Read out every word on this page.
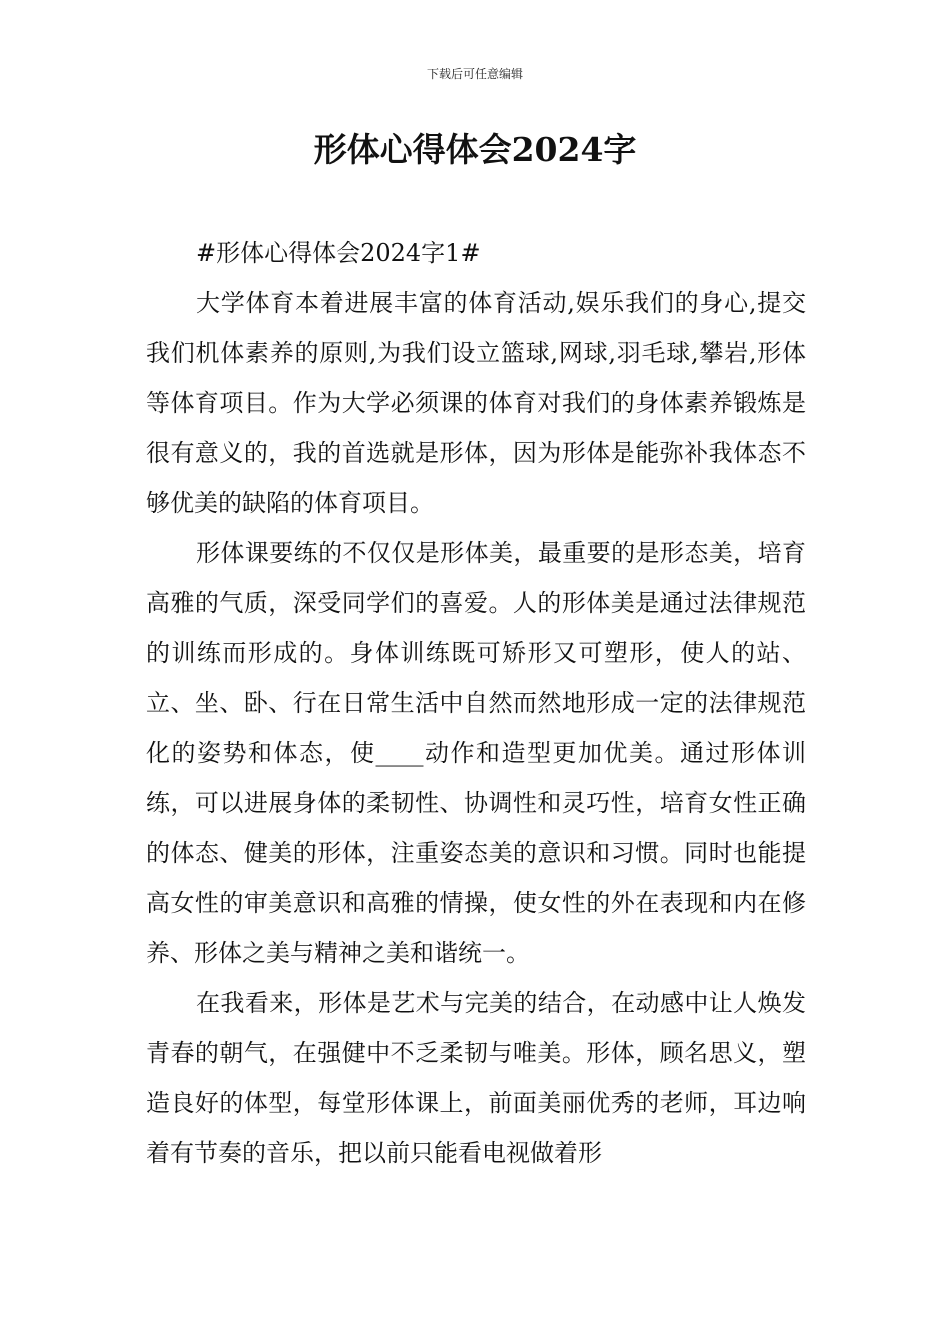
下载后可任意编辑
形体心得体会2024字

#形体心得体会2024字1#

大学体育本着进展丰富的体育活动,娱乐我们的身心,提交我们机体素养的原则,为我们设立篮球,网球,羽毛球,攀岩,形体等体育项目。作为大学必须课的体育对我们的身体素养锻炼是很有意义的，我的首选就是形体，因为形体是能弥补我体态不够优美的缺陷的体育项目。

形体课要练的不仅仅是形体美，最重要的是形态美，培育高雅的气质，深受同学们的喜爱。人的形体美是通过法律规范的训练而形成的。身体训练既可矫形又可塑形，使人的站、立、坐、卧、行在日常生活中自然而然地形成一定的法律规范化的姿势和体态，使____动作和造型更加优美。通过形体训练，可以进展身体的柔韧性、协调性和灵巧性，培育女性正确的体态、健美的形体，注重姿态美的意识和习惯。同时也能提高女性的审美意识和高雅的情操，使女性的外在表现和内在修养、形体之美与精神之美和谐统一。

在我看来，形体是艺术与完美的结合，在动感中让人焕发青春的朝气，在强健中不乏柔韧与唯美。形体，顾名思义，塑造良好的体型，每堂形体课上，前面美丽优秀的老师，耳边响着有节奏的音乐，把以前只能看电视做着形
